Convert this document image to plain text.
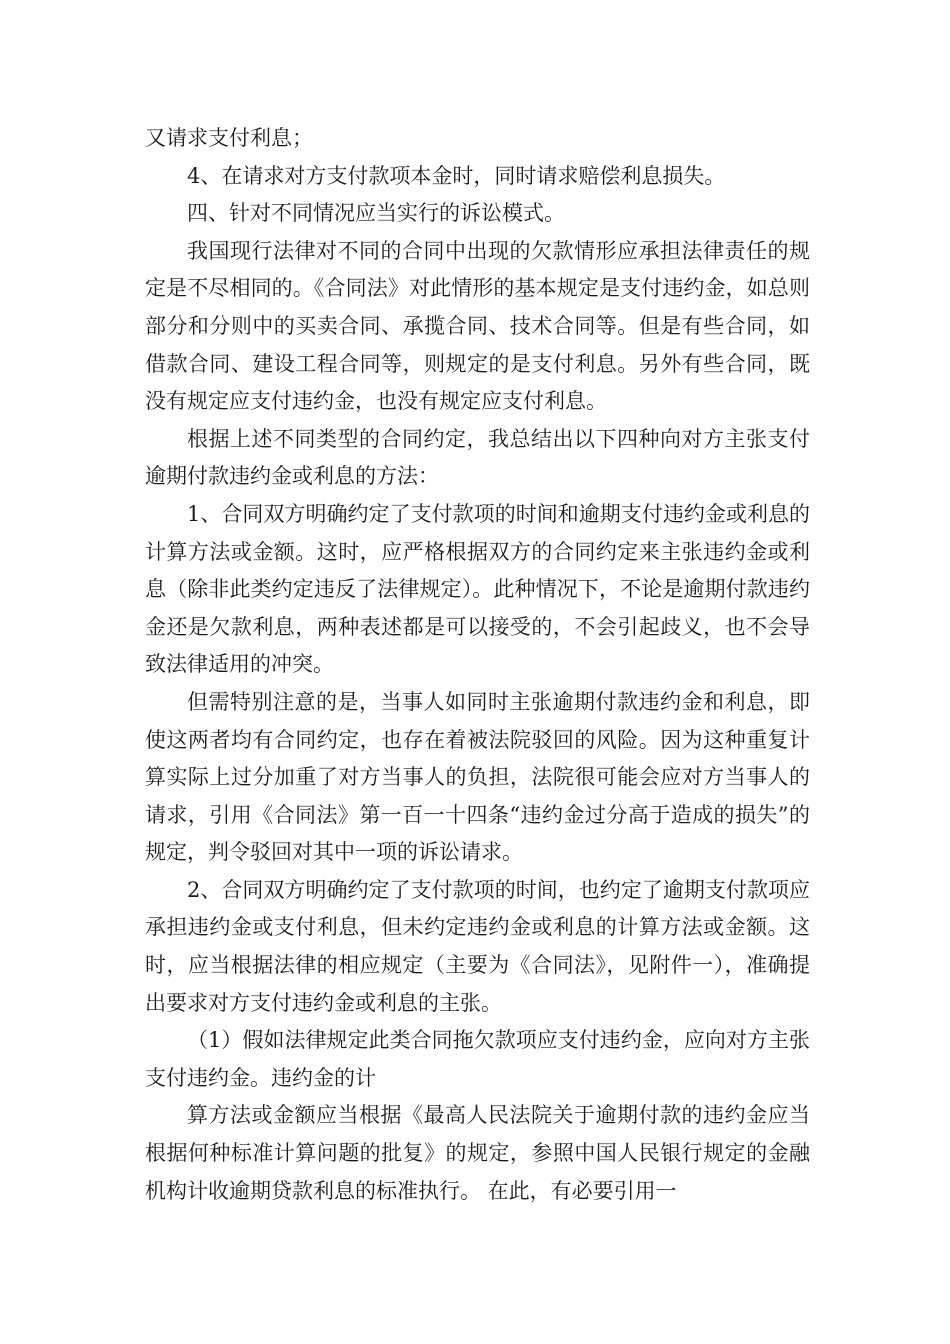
又请求支付利息；

4、在请求对方支付款项本金时，同时请求赔偿利息损失。

四、针对不同情况应当实行的诉讼模式。

我国现行法律对不同的合同中出现的欠款情形应承担法律责任的规定是不尽相同的。《合同法》对此情形的基本规定是支付违约金，如总则部分和分则中的买卖合同、承揽合同、技术合同等。但是有些合同，如借款合同、建设工程合同等，则规定的是支付利息。另外有些合同，既没有规定应支付违约金，也没有规定应支付利息。

根据上述不同类型的合同约定，我总结出以下四种向对方主张支付逾期付款违约金或利息的方法：

1、合同双方明确约定了支付款项的时间和逾期支付违约金或利息的计算方法或金额。这时，应严格根据双方的合同约定来主张违约金或利息（除非此类约定违反了法律规定）。此种情况下，不论是逾期付款违约金还是欠款利息，两种表述都是可以接受的，不会引起歧义，也不会导致法律适用的冲突。

但需特别注意的是，当事人如同时主张逾期付款违约金和利息，即使这两者均有合同约定，也存在着被法院驳回的风险。因为这种重复计算实际上过分加重了对方当事人的负担，法院很可能会应对方当事人的请求，引用《合同法》第一百一十四条“违约金过分高于造成的损失”的规定，判令驳回对其中一项的诉讼请求。

2、合同双方明确约定了支付款项的时间，也约定了逾期支付款项应承担违约金或支付利息，但未约定违约金或利息的计算方法或金额。这时，应当根据法律的相应规定（主要为《合同法》，见附件一），准确提出要求对方支付违约金或利息的主张。

（1）假如法律规定此类合同拖欠款项应支付违约金，应向对方主张支付违约金。违约金的计

算方法或金额应当根据《最高人民法院关于逾期付款的违约金应当根据何种标准计算问题的批复》的规定，参照中国人民银行规定的金融机构计收逾期贷款利息的标准执行。 在此，有必要引用一
